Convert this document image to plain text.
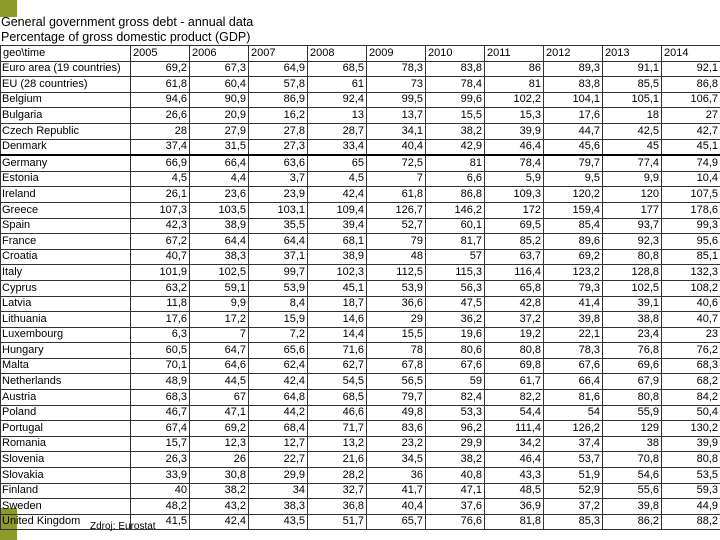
General government gross debt - annual data
Percentage of gross domestic product (GDP)
geo\time	2005	2006	2007	2008	2009	2010	2011	2012	2013	2014
Euro area (19 countries)	69,2	67,3	64,9	68,5	78,3	83,8	86	89,3	91,1	92,1
EU (28 countries)	61,8	60,4	57,8	61	73	78,4	81	83,8	85,5	86,8
Belgium	94,6	90,9	86,9	92,4	99,5	99,6	102,2	104,1	105,1	106,7
Bulgaria	26,6	20,9	16,2	13	13,7	15,5	15,3	17,6	18	27
Czech Republic	28	27,9	27,8	28,7	34,1	38,2	39,9	44,7	42,5	42,7
Denmark	37,4	31,5	27,3	33,4	40,4	42,9	46,4	45,6	45	45,1
Germany	66,9	66,4	63,6	65	72,5	81	78,4	79,7	77,4	74,9
Estonia	4,5	4,4	3,7	4,5	7	6,6	5,9	9,5	9,9	10,4
Ireland	26,1	23,6	23,9	42,4	61,8	86,8	109,3	120,2	120	107,5
Greece	107,3	103,5	103,1	109,4	126,7	146,2	172	159,4	177	178,6
Spain	42,3	38,9	35,5	39,4	52,7	60,1	69,5	85,4	93,7	99,3
France	67,2	64,4	64,4	68,1	79	81,7	85,2	89,6	92,3	95,6
Croatia	40,7	38,3	37,1	38,9	48	57	63,7	69,2	80,8	85,1
Italy	101,9	102,5	99,7	102,3	112,5	115,3	116,4	123,2	128,8	132,3
Cyprus	63,2	59,1	53,9	45,1	53,9	56,3	65,8	79,3	102,5	108,2
Latvia	11,8	9,9	8,4	18,7	36,6	47,5	42,8	41,4	39,1	40,6
Lithuania	17,6	17,2	15,9	14,6	29	36,2	37,2	39,8	38,8	40,7
Luxembourg	6,3	7	7,2	14,4	15,5	19,6	19,2	22,1	23,4	23
Hungary	60,5	64,7	65,6	71,6	78	80,6	80,8	78,3	76,8	76,2
Malta	70,1	64,6	62,4	62,7	67,8	67,6	69,8	67,6	69,6	68,3
Netherlands	48,9	44,5	42,4	54,5	56,5	59	61,7	66,4	67,9	68,2
Austria	68,3	67	64,8	68,5	79,7	82,4	82,2	81,6	80,8	84,2
Poland	46,7	47,1	44,2	46,6	49,8	53,3	54,4	54	55,9	50,4
Portugal	67,4	69,2	68,4	71,7	83,6	96,2	111,4	126,2	129	130,2
Romania	15,7	12,3	12,7	13,2	23,2	29,9	34,2	37,4	38	39,9
Slovenia	26,3	26	22,7	21,6	34,5	38,2	46,4	53,7	70,8	80,8
Slovakia	33,9	30,8	29,9	28,2	36	40,8	43,3	51,9	54,6	53,5
Finland	40	38,2	34	32,7	41,7	47,1	48,5	52,9	55,6	59,3
Sweden	48,2	43,2	38,3	36,8	40,4	37,6	36,9	37,2	39,8	44,9
United Kingdom	41,5	42,4	43,5	51,7	65,7	76,6	81,8	85,3	86,2	88,2
Zdroj: Eurostat
